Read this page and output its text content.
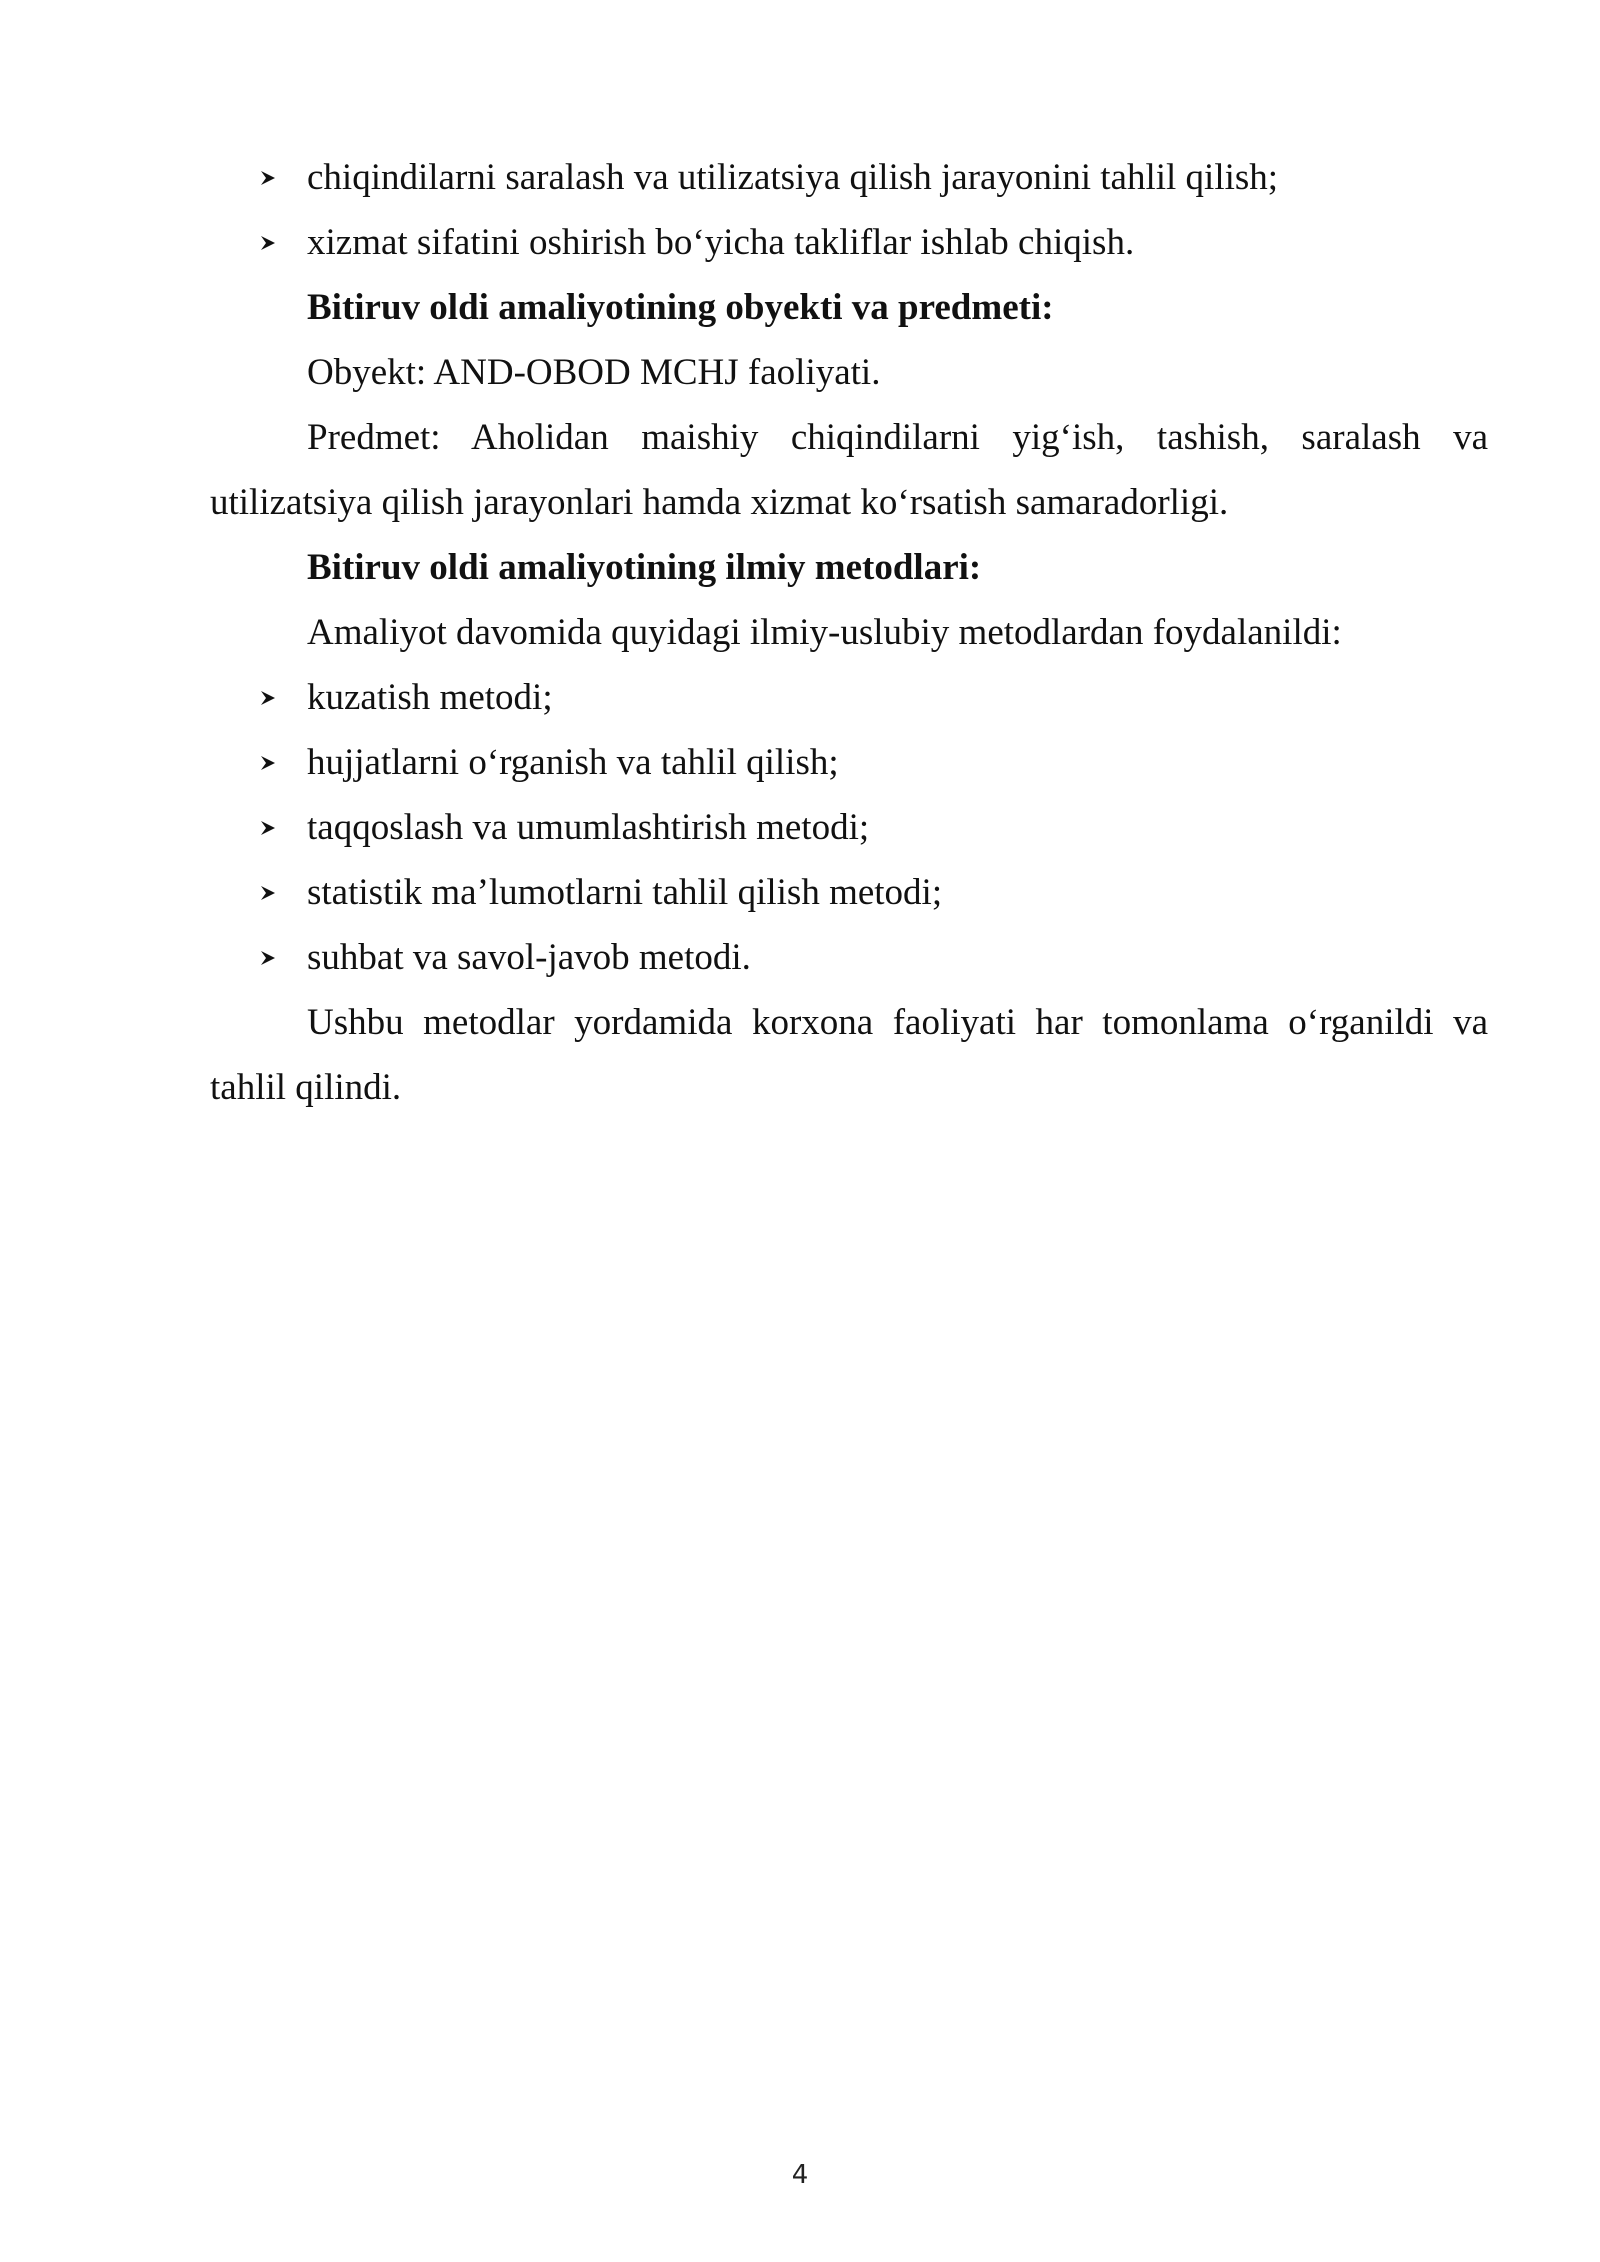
chiqindilarni saralash va utilizatsiya qilish jarayonini tahlil qilish;

xizmat sifatini oshirish bo‘yicha takliflar ishlab chiqish.

Bitiruv oldi amaliyotining obyekti va predmeti:

Obyekt: AND-OBOD MCHJ faoliyati.

Predmet: Aholidan maishiy chiqindilarni yig‘ish, tashish, saralash va utilizatsiya qilish jarayonlari hamda xizmat ko‘rsatish samaradorligi.

Bitiruv oldi amaliyotining ilmiy metodlari:

Amaliyot davomida quyidagi ilmiy-uslubiy metodlardan foydalanildi:

kuzatish metodi;

hujjatlarni o‘rganish va tahlil qilish;

taqqoslash va umumlashtirish metodi;

statistik ma’lumotlarni tahlil qilish metodi;

suhbat va savol-javob metodi.

Ushbu metodlar yordamida korxona faoliyati har tomonlama o‘rganildi va tahlil qilindi.

4
